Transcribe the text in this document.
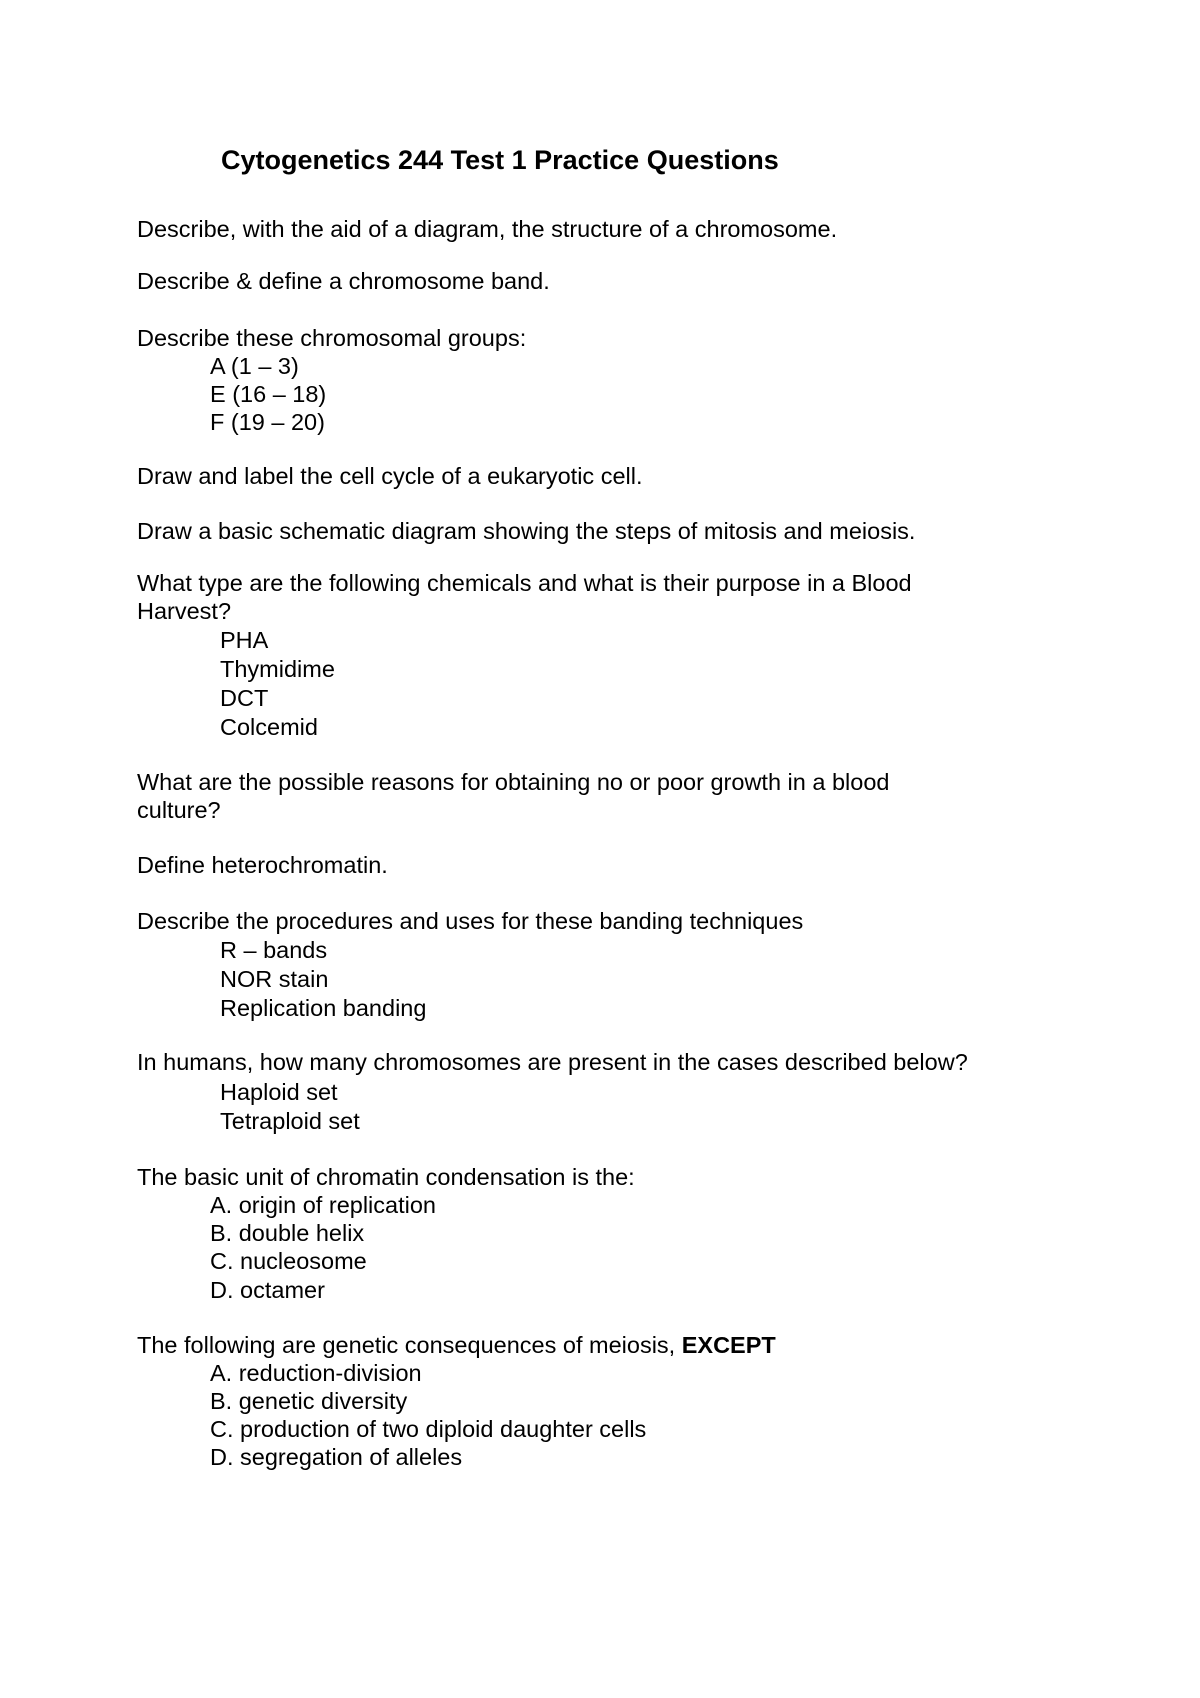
Cytogenetics 244 Test 1 Practice Questions
Describe, with the aid of a diagram, the structure of a chromosome.
Describe & define a chromosome band.
Describe these chromosomal groups:
A (1 – 3)
E (16 – 18)
F (19 – 20)
Draw and label the cell cycle of a eukaryotic cell.
Draw a basic schematic diagram showing the steps of mitosis and meiosis.
What type are the following chemicals and what is their purpose in a Blood
Harvest?
PHA
Thymidime
DCT
Colcemid
What are the possible reasons for obtaining no or poor growth in a blood
culture?
Define heterochromatin.
Describe the procedures and uses for these banding techniques
R – bands
NOR stain
Replication banding
In humans, how many chromosomes are present in the cases described below?
Haploid set
Tetraploid set
The basic unit of chromatin condensation is the:
A. origin of replication
B. double helix
C. nucleosome
D. octamer
The following are genetic consequences of meiosis, EXCEPT
A. reduction-division
B. genetic diversity
C. production of two diploid daughter cells
D. segregation of alleles
